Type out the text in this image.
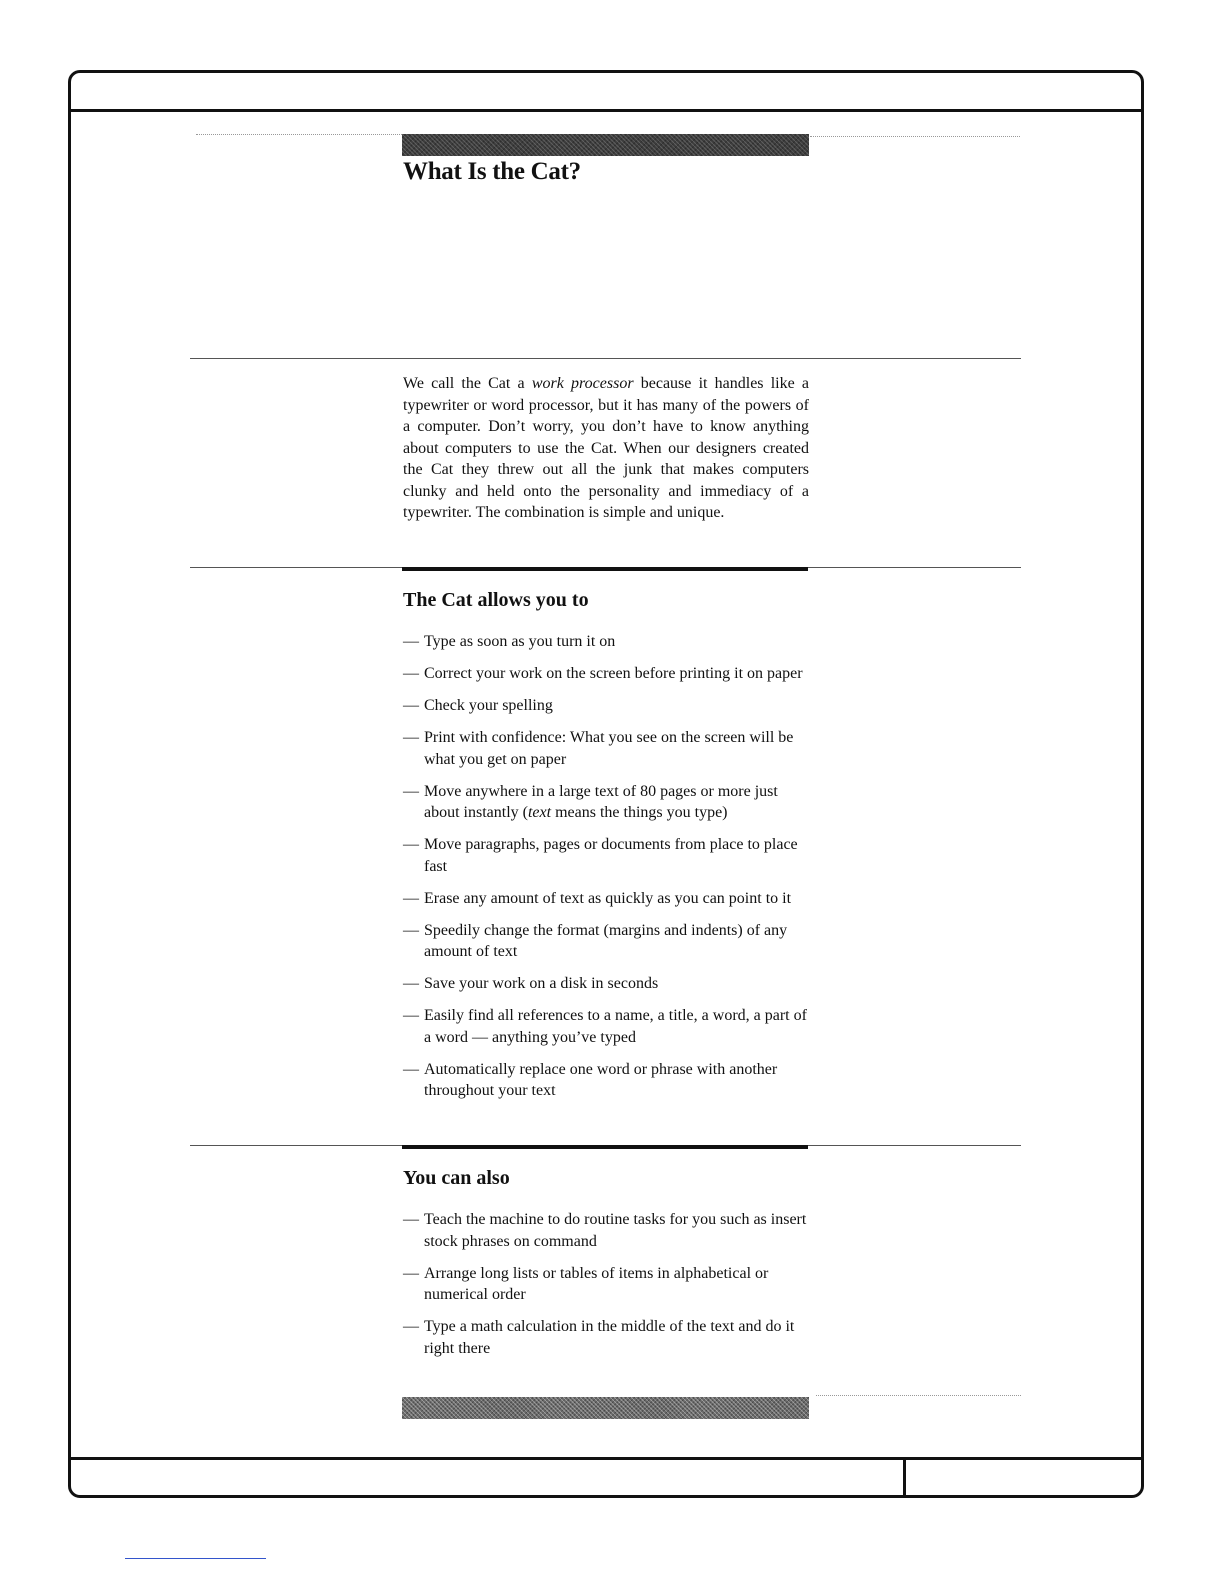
What Is the Cat?

We call the Cat a work processor because it handles like a typewriter or word processor, but it has many of the powers of a computer. Don’t worry, you don’t have to know anything about computers to use the Cat. When our designers created the Cat they threw out all the junk that makes computers clunky and held onto the personality and immediacy of a typewriter. The combination is simple and unique.

The Cat allows you to
— Type as soon as you turn it on
— Correct your work on the screen before printing it on paper
— Check your spelling
— Print with confidence: What you see on the screen will be what you get on paper
— Move anywhere in a large text of 80 pages or more just about instantly (text means the things you type)
— Move paragraphs, pages or documents from place to place fast
— Erase any amount of text as quickly as you can point to it
— Speedily change the format (margins and indents) of any amount of text
— Save your work on a disk in seconds
— Easily find all references to a name, a title, a word, a part of a word — anything you’ve typed
— Automatically replace one word or phrase with another throughout your text
You can also
— Teach the machine to do routine tasks for you such as insert stock phrases on command
— Arrange long lists or tables of items in alphabetical or numerical order
— Type a math calculation in the middle of the text and do it right there
